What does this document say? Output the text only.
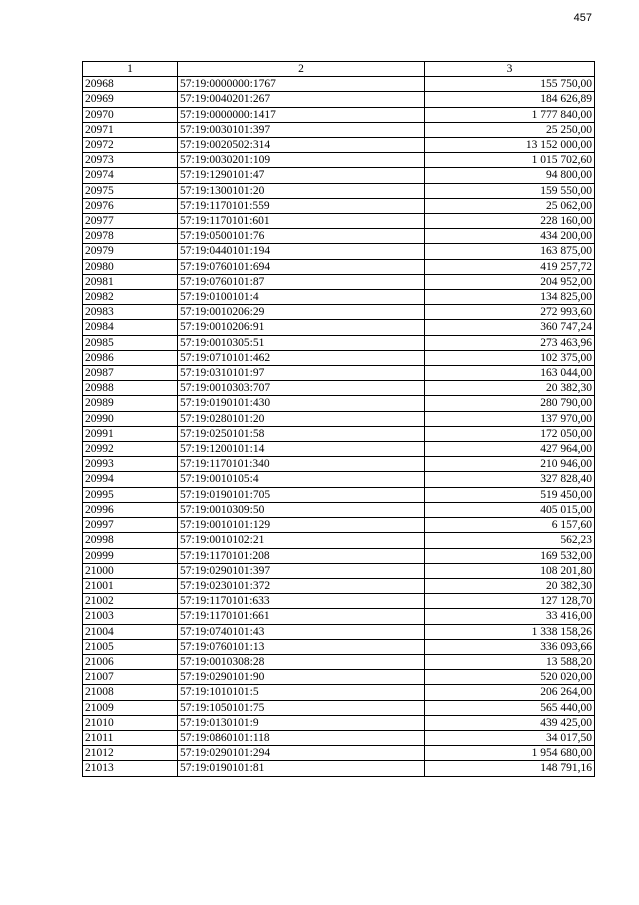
457
1	2	3
20968	57:19:0000000:1767	155 750,00
20969	57:19:0040201:267	184 626,89
20970	57:19:0000000:1417	1 777 840,00
20971	57:19:0030101:397	25 250,00
20972	57:19:0020502:314	13 152 000,00
20973	57:19:0030201:109	1 015 702,60
20974	57:19:1290101:47	94 800,00
20975	57:19:1300101:20	159 550,00
20976	57:19:1170101:559	25 062,00
20977	57:19:1170101:601	228 160,00
20978	57:19:0500101:76	434 200,00
20979	57:19:0440101:194	163 875,00
20980	57:19:0760101:694	419 257,72
20981	57:19:0760101:87	204 952,00
20982	57:19:0100101:4	134 825,00
20983	57:19:0010206:29	272 993,60
20984	57:19:0010206:91	360 747,24
20985	57:19:0010305:51	273 463,96
20986	57:19:0710101:462	102 375,00
20987	57:19:0310101:97	163 044,00
20988	57:19:0010303:707	20 382,30
20989	57:19:0190101:430	280 790,00
20990	57:19:0280101:20	137 970,00
20991	57:19:0250101:58	172 050,00
20992	57:19:1200101:14	427 964,00
20993	57:19:1170101:340	210 946,00
20994	57:19:0010105:4	327 828,40
20995	57:19:0190101:705	519 450,00
20996	57:19:0010309:50	405 015,00
20997	57:19:0010101:129	6 157,60
20998	57:19:0010102:21	562,23
20999	57:19:1170101:208	169 532,00
21000	57:19:0290101:397	108 201,80
21001	57:19:0230101:372	20 382,30
21002	57:19:1170101:633	127 128,70
21003	57:19:1170101:661	33 416,00
21004	57:19:0740101:43	1 338 158,26
21005	57:19:0760101:13	336 093,66
21006	57:19:0010308:28	13 588,20
21007	57:19:0290101:90	520 020,00
21008	57:19:1010101:5	206 264,00
21009	57:19:1050101:75	565 440,00
21010	57:19:0130101:9	439 425,00
21011	57:19:0860101:118	34 017,50
21012	57:19:0290101:294	1 954 680,00
21013	57:19:0190101:81	148 791,16
